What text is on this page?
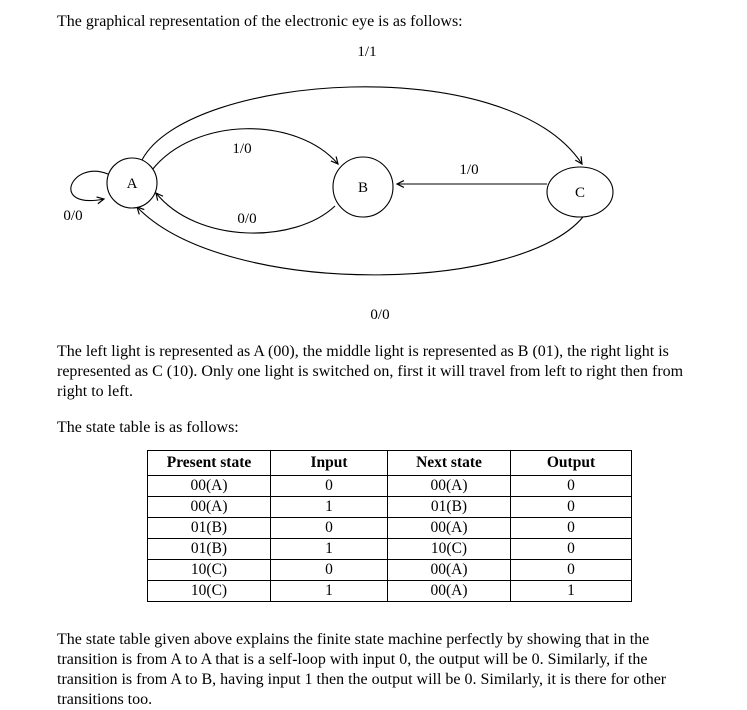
The graphical representation of the electronic eye is as follows:

1/1
1/0
0/0
1/0
0/0
0/0
A	B	C

The left light is represented as A (00), the middle light is represented as B (01), the right light is represented as C (10). Only one light is switched on, first it will travel from left to right then from right to left.

The state table is as follows:

Present state	Input	Next state	Output
00(A)	0	00(A)	0
00(A)	1	01(B)	0
01(B)	0	00(A)	0
01(B)	1	10(C)	0
10(C)	0	00(A)	0
10(C)	1	00(A)	1

The state table given above explains the finite state machine perfectly by showing that in the transition is from A to A that is a self-loop with input 0, the output will be 0. Similarly, if the transition is from A to B, having input 1 then the output will be 0. Similarly, it is there for other transitions too.
